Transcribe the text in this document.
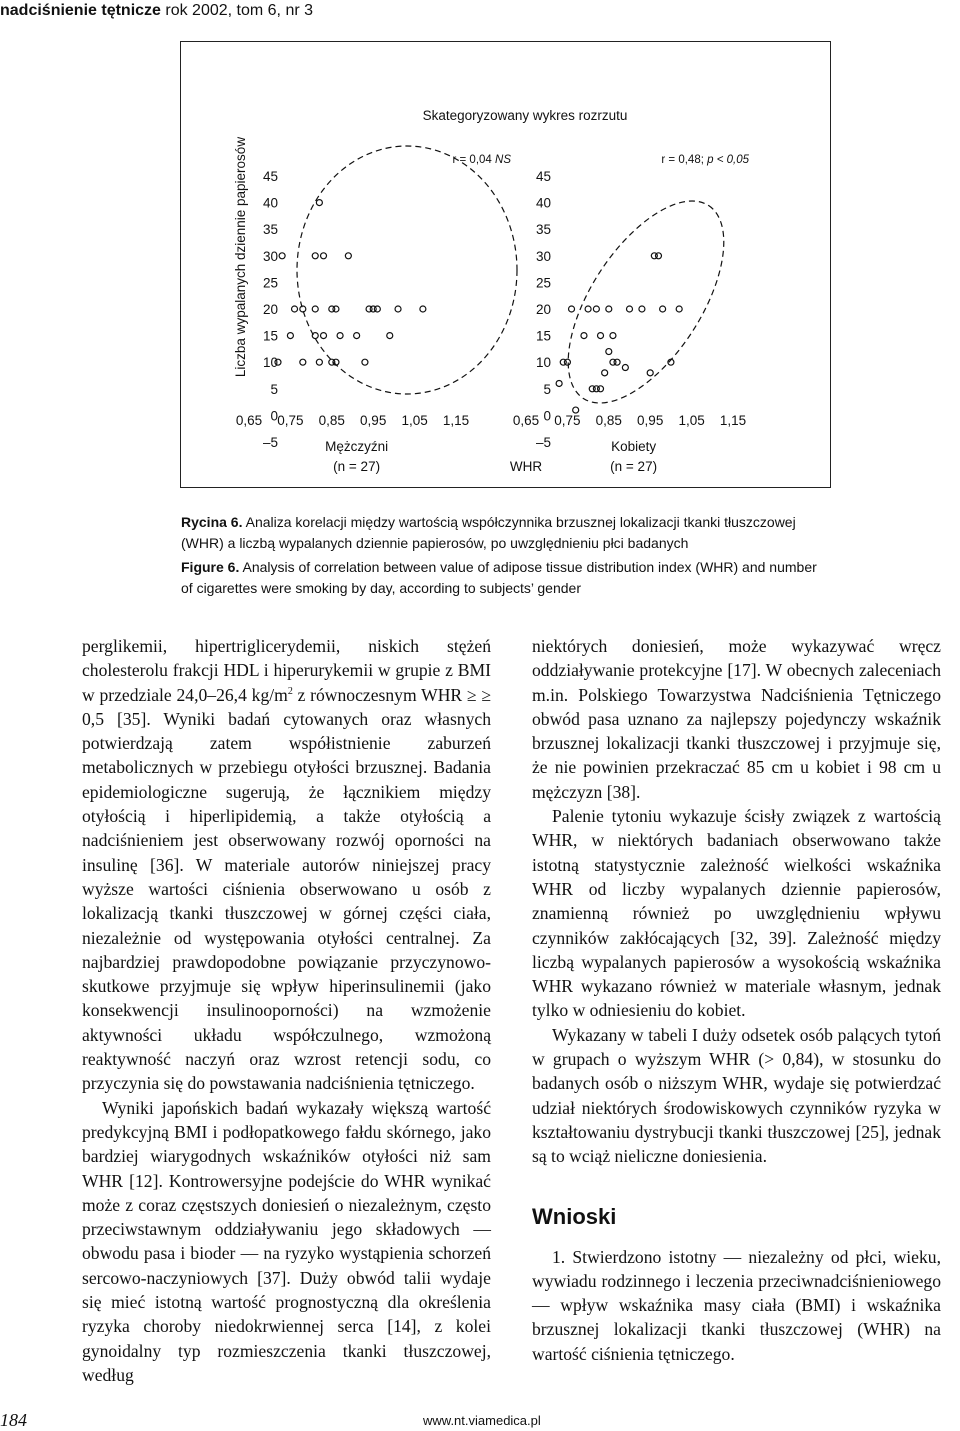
nadciśnienie tętnicze rok 2002, tom 6, nr 3
Skategoryzowany wykres rozrzutu
Liczba wypalanych dziennie papierosów
WHR
45
40
35
30
25
20
15
10
5
0
–5
0,65 0,75 0,85 0,95 1,05 1,15
r = 0,04 NS
Mężczyźni
(n = 27)
45
40
35
30
25
20
15
10
5
0
–5
0,65 0,75 0,85 0,95 1,05 1,15
r = 0,48; p < 0,05
Kobiety
(n = 27)
Rycina 6. Analiza korelacji między wartością współczynnika brzusznej lokalizacji tkanki tłuszczowej (WHR) a liczbą wypalanych dziennie papierosów, po uwzględnieniu płci badanych
Figure 6. Analysis of correlation between value of adipose tissue distribution index (WHR) and number of cigarettes were smoking by day, according to subjects’ gender

perglikemii, hipertriglicerydemii, niskich stężeń cholesterolu frakcji HDL i hiperurykemii w grupie z BMI w przedziale 24,0–26,4 $kg/m^2$ z równoczesnym WHR ≥ ≥ 0,5 [35]. Wyniki badań cytowanych oraz własnych potwierdzają zatem współistnienie zaburzeń metabolicznych w przebiegu otyłości brzusznej. Badania epidemiologiczne sugerują, że łącznikiem między otyłością i hiperlipidemią, a także otyłością a nadciśnieniem jest obserwowany rozwój oporności na insulinę [36]. W materiale autorów niniejszej pracy wyższe wartości ciśnienia obserwowano u osób z lokalizacją tkanki tłuszczowej w górnej części ciała, niezależnie od występowania otyłości centralnej. Za najbardziej prawdopodobne powiązanie przyczynowo-skutkowe przyjmuje się wpływ hiperinsulinemii (jako konsekwencji insulinooporności) na wzmożenie aktywności układu współczulnego, wzmożoną reaktywność naczyń oraz wzrost retencji sodu, co przyczynia się do powstawania nadciśnienia tętniczego.

Wyniki japońskich badań wykazały większą wartość predykcyjną BMI i podłopatkowego fałdu skórnego, jako bardziej wiarygodnych wskaźników otyłości niż sam WHR [12]. Kontrowersyjne podejście do WHR wynikać może z coraz częstszych doniesień o niezależnym, często przeciwstawnym oddziaływaniu jego składowych — obwodu pasa i bioder — na ryzyko wystąpienia schorzeń sercowo-naczyniowych [37]. Duży obwód talii wydaje się mieć istotną wartość prognostyczną dla określenia ryzyka choroby niedokrwiennej serca [14], z kolei gynoidalny typ rozmieszczenia tkanki tłuszczowej, według

niektórych doniesień, może wykazywać wręcz oddziaływanie protekcyjne [17]. W obecnych zaleceniach m.in. Polskiego Towarzystwa Nadciśnienia Tętniczego obwód pasa uznano za najlepszy pojedynczy wskaźnik brzusznej lokalizacji tkanki tłuszczowej i przyjmuje się, że nie powinien przekraczać 85 cm u kobiet i 98 cm u mężczyzn [38].

Palenie tytoniu wykazuje ścisły związek z wartością WHR, w niektórych badaniach obserwowano także istotną statystycznie zależność wielkości wskaźnika WHR od liczby wypalanych dziennie papierosów, znamienną również po uwzględnieniu wpływu czynników zakłócających [32, 39]. Zależność między liczbą wypalanych papierosów a wysokością wskaźnika WHR wykazano również w materiale własnym, jednak tylko w odniesieniu do kobiet.

Wykazany w tabeli I duży odsetek osób palących tytoń w grupach o wyższym WHR (> 0,84), w stosunku do badanych osób o niższym WHR, wydaje się potwierdzać udział niektórych środowiskowych czynników ryzyka w kształtowaniu dystrybucji tkanki tłuszczowej [25], jednak są to wciąż nieliczne doniesienia.

Wnioski

1. Stwierdzono istotny — niezależny od płci, wieku, wywiadu rodzinnego i leczenia przeciwnadciśnieniowego — wpływ wskaźnika masy ciała (BMI) i wskaźnika brzusznej lokalizacji tkanki tłuszczowej (WHR) na wartość ciśnienia tętniczego.

184	www.nt.viamedica.pl
